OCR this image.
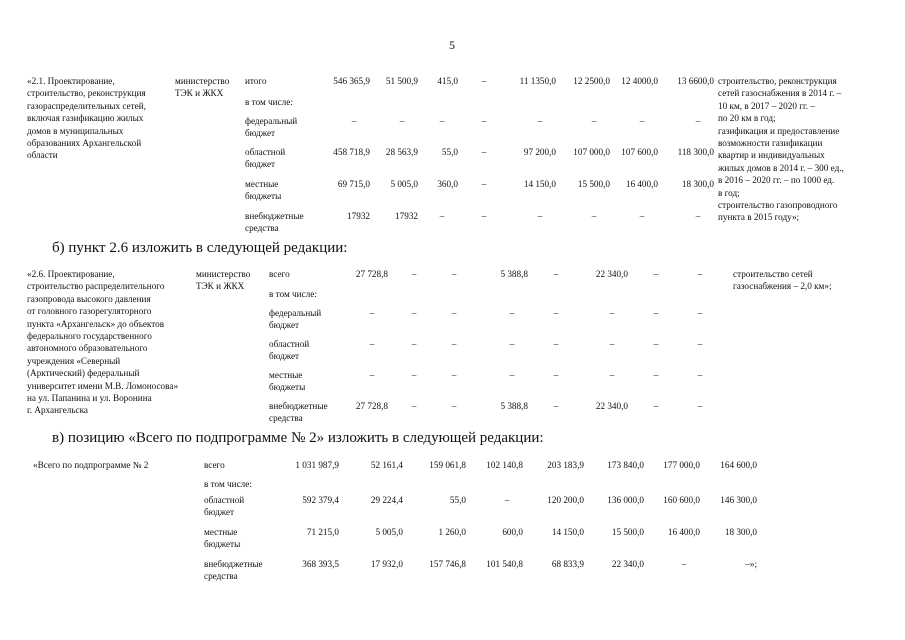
5
«2.1. Проектирование,
строительство, реконструкция
газораспределительных сетей,
включая газификацию жилых
домов в муниципальных
образованиях Архангельской
области
министерство
ТЭК и ЖКХ
итого	546 365,9	51 500,9	415,0	–	11 1350,0	12 2500,0	12 4000,0	13 6600,0
в том числе:
федеральный
бюджет
–	–	–	–	–	–	–	–
областной
бюджет
458 718,9	28 563,9	55,0	–	97 200,0	107 000,0	107 600,0	118 300,0
местные
бюджеты
69 715,0	5 005,0	360,0	–	14 150,0	15 500,0	16 400,0	18 300,0
внебюджетные
средства
17932	17932	–	–	–	–	–	–
строительство, реконструкция
сетей газоснабжения в 2014 г. –
10 км, в 2017 – 2020 гг. –
по 20 км в год;
газификация и предоставление
возможности газификации
квартир и индивидуальных
жилых домов в 2014 г. – 300 ед.,
в 2016 – 2020 гг. – по 1000 ед.
в год;
строительство газопроводного
пункта в 2015 году»;
б) пункт 2.6 изложить в следующей редакции:
«2.6. Проектирование,
строительство распределительного
газопровода высокого давления
от головного газорегуляторного
пункта «Архангельск» до объектов
федерального государственного
автономного образовательного
учреждения «Северный
(Арктический) федеральный
университет имени М.В. Ломоносова»
на ул. Папанина и ул. Воронина
г. Архангельска
министерство
ТЭК и ЖКХ
всего	27 728,8	–	–	5 388,8	–	22 340,0	–	–
в том числе:
федеральный
бюджет
–	–	–	–	–	–	–	–
областной
бюджет
–	–	–	–	–	–	–	–
местные
бюджеты
–	–	–	–	–	–	–	–
внебюджетные
средства
27 728,8	–	–	5 388,8	–	22 340,0	–	–
строительство сетей
газоснабжения – 2,0 км»;
в) позицию «Всего по подпрограмме № 2» изложить в следующей редакции:
«Всего по подпрограмме № 2	всего	1 031 987,9	52 161,4	159 061,8	102 140,8	203 183,9	173 840,0	177 000,0	164 600,0
в том числе:
областной
бюджет
592 379,4	29 224,4	55,0	–	120 200,0	136 000,0	160 600,0	146 300,0
местные
бюджеты
71 215,0	5 005,0	1 260,0	600,0	14 150,0	15 500,0	16 400,0	18 300,0
внебюджетные
средства
368 393,5	17 932,0	157 746,8	101 540,8	68 833,9	22 340,0	–	–»;
